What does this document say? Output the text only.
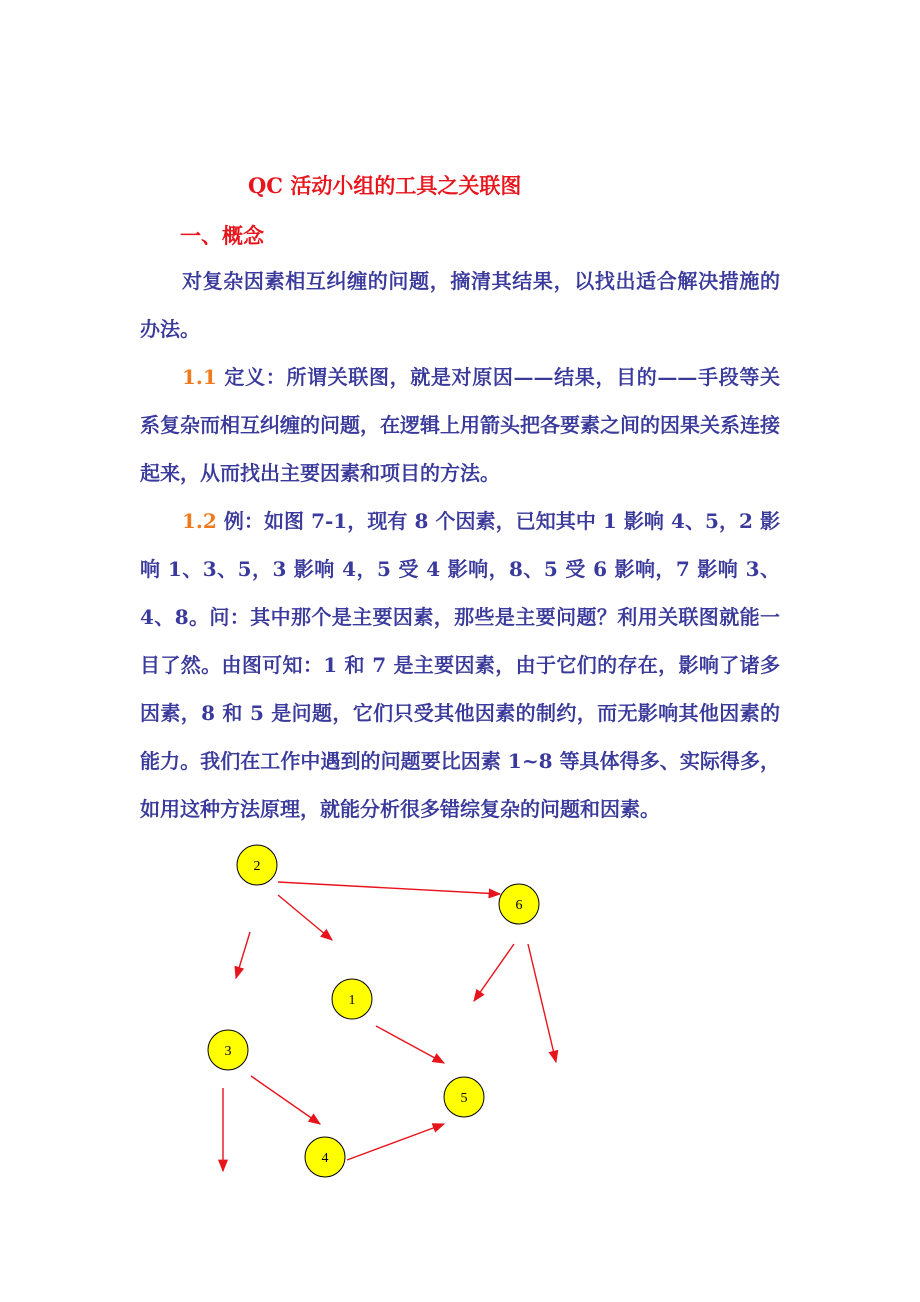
QC 活动小组的工具之关联图
一、概念
对复杂因素相互纠缠的问题，摘清其结果，以找出适合解决措施的办法。
1.1 定义：所谓关联图，就是对原因——结果，目的——手段等关系复杂而相互纠缠的问题，在逻辑上用箭头把各要素之间的因果关系连接起来，从而找出主要因素和项目的方法。
1.2 例：如图 7-1，现有 8 个因素，已知其中 1 影响 4、5，2 影响 1、3、5，3 影响 4，5 受 4 影响，8、5 受 6 影响，7 影响 3、4、8。问：其中那个是主要因素，那些是主要问题？利用关联图就能一目了然。由图可知：1 和 7 是主要因素，由于它们的存在，影响了诸多因素，8 和 5 是问题，它们只受其他因素的制约，而无影响其他因素的能力。我们在工作中遇到的问题要比因素 1~8 等具体得多、实际得多，如用这种方法原理，就能分析很多错综复杂的问题和因素。
2
6
1
3
5
4
